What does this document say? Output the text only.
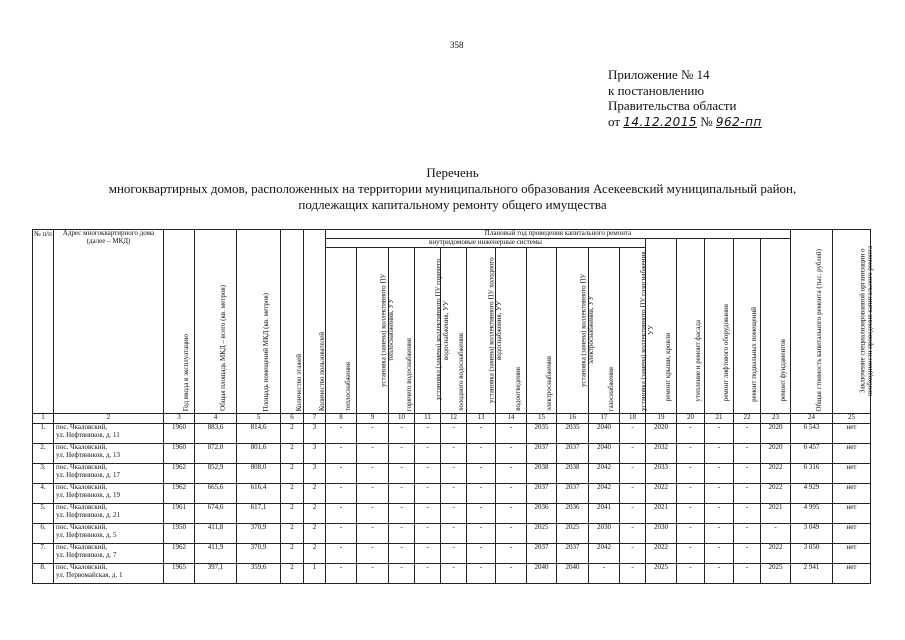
358
Приложение № 14
к постановлению
Правительства области
от 14.12.2015 № 962-пп
Перечень
многоквартирных домов, расположенных на территории муниципального образования Асекеевский муниципальный район,
подлежащих капитальному ремонту общего имущества
№ п/п	Адрес многоквартирного дома (далее – МКД)	Год ввода в эксплуатацию	Общая площадь МКД – всего (кв. метров)	Площадь помещений МКД (кв. метров)	Количество этажей	Количество пользователей	Плановый год проведения капитального ремонта																Общая стоимость капитального ремонта (тыс. рублей)	Заключение специализированной организации о необходимости проведения капитального ремонта

							внутридомовые инженерные системы											ремонт крыши, кровли	утепление и ремонт фасада	ремонт лифтового оборудования	ремонт подвальных помещений	ремонт фундаментов		

							теплоснабжения	установка (замена) коллективного ПУ теплоснабжения, УУ	горячего водоснабжения	установка (замена) коллективного ПУ горячего водоснабжения, УУ	холодного водоснабжения	установка (замена) коллективного ПУ холодного водоснабжения, УУ	водоотведения	электроснабжения	установка (замена) коллективного ПУ электроснабжения, УУ	газоснабжения	установка (замена) коллективного ПУ газоснабжения, УУ							

1	2	3	4	5	6	7	8	9	10	11	12	13	14	15	16	17	18	19	20	21	22	23	24	25
1.	пос. Чкаловский,
ул. Нефтяников, д. 11	1960	883,6	814,6	2	3	-	-	-	-	-	-	-	2035	2035	2040	-	2020	-	-	-	2020	6 543	нет
2.	пос. Чкаловский,
ул. Нефтяников, д. 13	1960	872,0	801,6	2	3	-	-	-	-	-	-	-	2037	2037	2040	-	2032	-	-	-	2020	6 457	нет
3.	пос. Чкаловский,
ул. Нефтяников, д. 17	1962	852,9	808,0	2	3	-	-	-	-	-	-	-	2038	2038	2042	-	2033	-	-	-	2022	6 316	нет
4.	пос. Чкаловский,
ул. Нефтяников, д. 19	1962	665,6	616,4	2	2	-	-	-	-	-	-	-	2037	2037	2042	-	2022	-	-	-	2022	4 929	нет
5.	пос. Чкаловский,
ул. Нефтяников, д. 21	1961	674,6	617,1	2	2	-	-	-	-	-	-	-	2036	2036	2041	-	2021	-	-	-	2021	4 995	нет
6.	пос. Чкаловский,
ул. Нефтяников, д. 5	1950	411,8	370,9	2	2	-	-	-	-	-	-	-	2025	2025	2030	-	2030	-	-	-	-	3 049	нет
7.	пос. Чкаловский,
ул. Нефтяников, д. 7	1962	411,9	370,9	2	2	-	-	-	-	-	-	-	2037	2037	2042	-	2022	-	-	-	2022	3 050	нет
8.	пос. Чкаловский,
ул. Первомайская, д. 1	1965	397,1	359,6	2	1	-	-	-	-	-	-	-	2040	2040	-	-	2025	-	-	-	2025	2 941	нет
